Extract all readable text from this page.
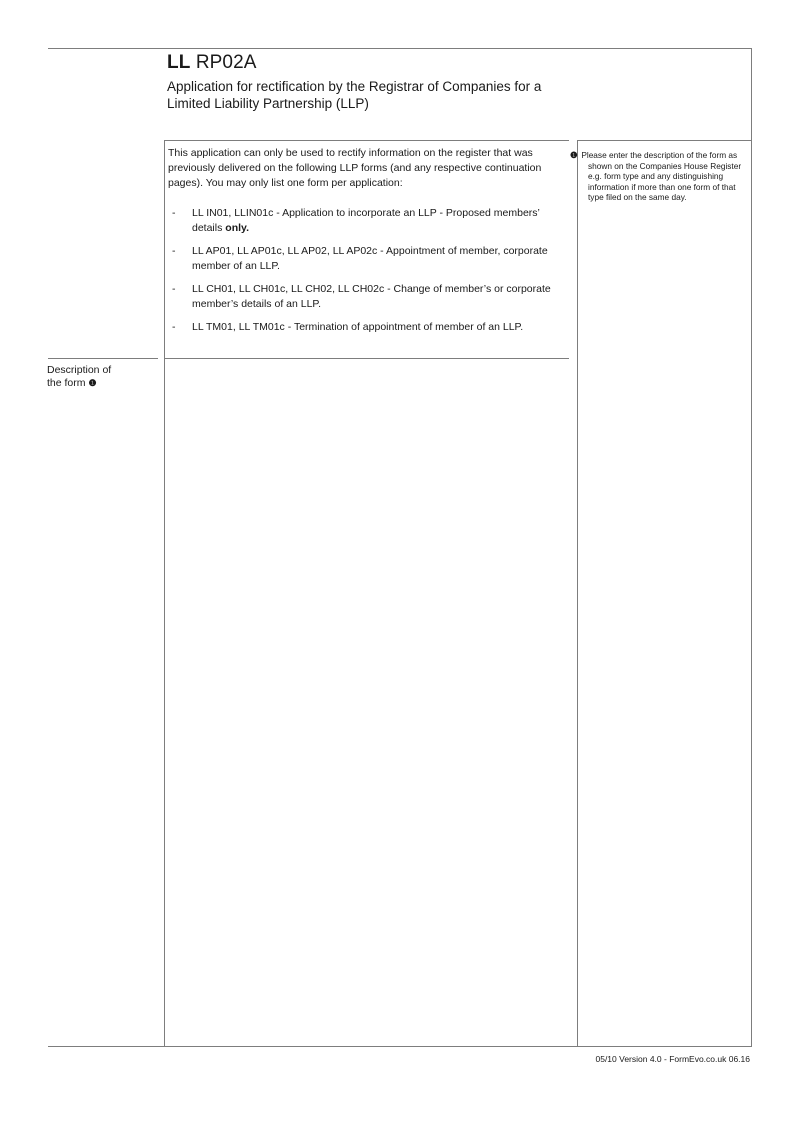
LL RP02A
Application for rectification by the Registrar of Companies for a
Limited Liability Partnership (LLP)
This application can only be used to rectify information on the register that was previously delivered on the following LLP forms (and any respective continuation pages). You may only list one form per application:
- LL IN01, LLIN01c - Application to incorporate an LLP - Proposed members’ details only.
- LL AP01, LL AP01c, LL AP02, LL AP02c - Appointment of member, corporate member of an LLP.
- LL CH01, LL CH01c, LL CH02, LL CH02c - Change of member’s or corporate member’s details of an LLP.
- LL TM01, LL TM01c - Termination of appointment of member of an LLP.
❶ Please enter the description of the form as shown on the Companies House Register e.g. form type and any distinguishing information if more than one form of that type filed on the same day.
Description of
the form ❶
05/10 Version 4.0 - FormEvo.co.uk 06.16
